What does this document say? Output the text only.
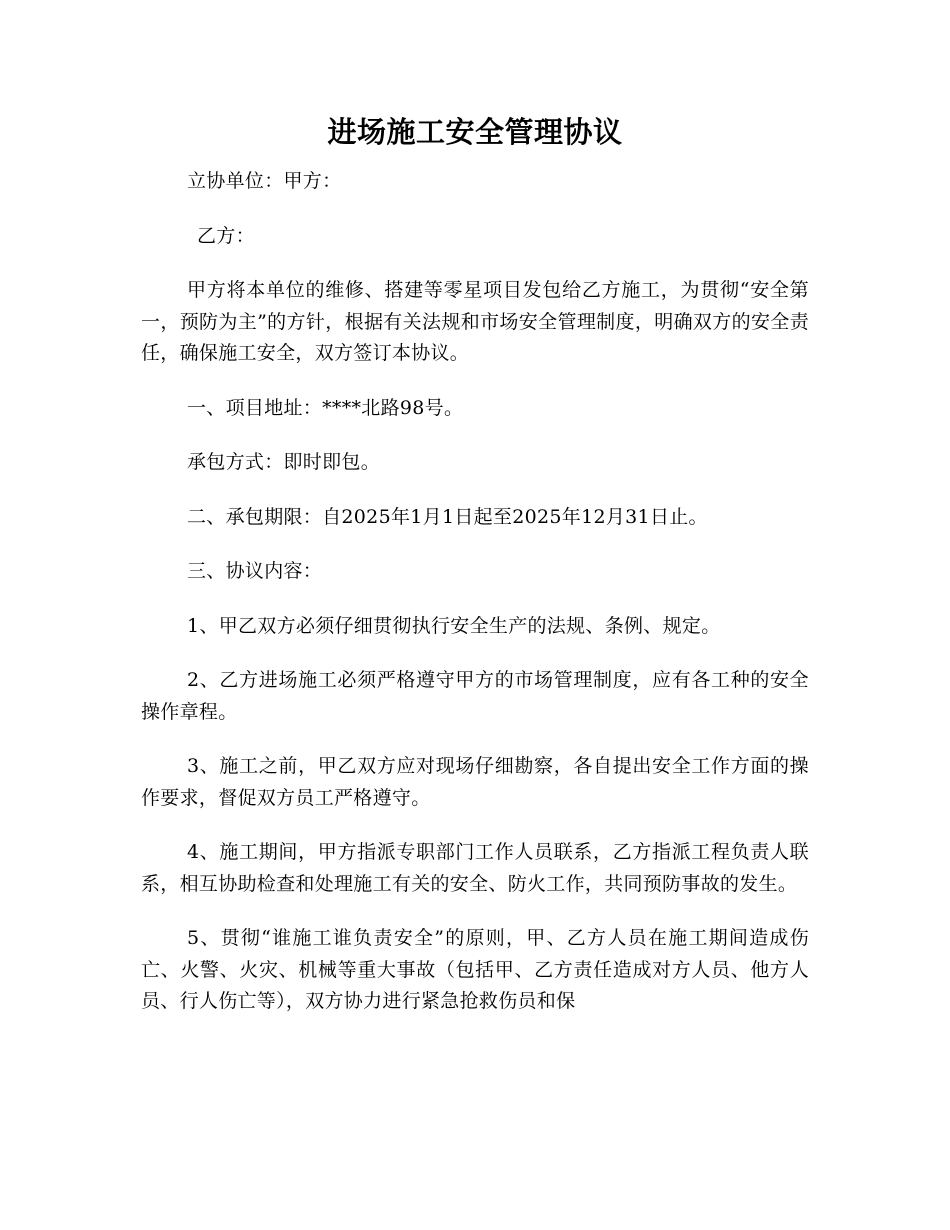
进场施工安全管理协议

立协单位：甲方：

乙方：

甲方将本单位的维修、搭建等零星项目发包给乙方施工，为贯彻“安全第一，预防为主”的方针，根据有关法规和市场安全管理制度，明确双方的安全责任，确保施工安全，双方签订本协议。

一、项目地址：****北路98号。

承包方式：即时即包。

二、承包期限：自2025年1月1日起至2025年12月31日止。

三、协议内容：

1、甲乙双方必须仔细贯彻执行安全生产的法规、条例、规定。

2、乙方进场施工必须严格遵守甲方的市场管理制度，应有各工种的安全操作章程。

3、施工之前，甲乙双方应对现场仔细勘察，各自提出安全工作方面的操作要求，督促双方员工严格遵守。

4、施工期间，甲方指派专职部门工作人员联系，乙方指派工程负责人联系，相互协助检查和处理施工有关的安全、防火工作，共同预防事故的发生。

5、贯彻“谁施工谁负责安全”的原则，甲、乙方人员在施工期间造成伤亡、火警、火灾、机械等重大事故（包括甲、乙方责任造成对方人员、他方人员、行人伤亡等），双方协力进行紧急抢救伤员和保
